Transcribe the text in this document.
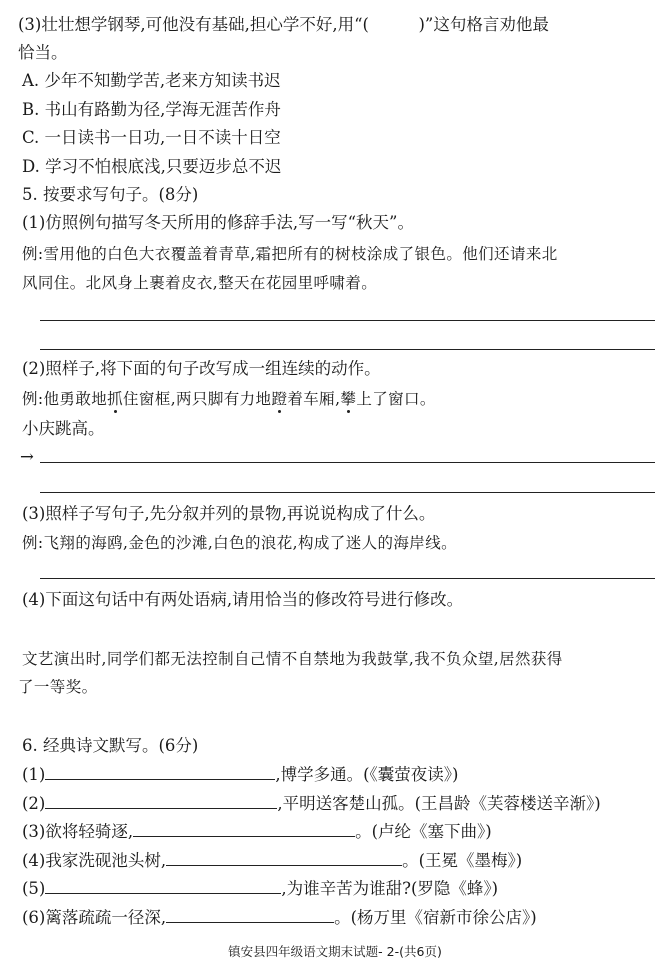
(3)壮壮想学钢琴,可他没有基础,担心学不好,用“(　　　)”这句格言劝他最
恰当。
A. 少年不知勤学苦,老来方知读书迟
B. 书山有路勤为径,学海无涯苦作舟
C. 一日读书一日功,一日不读十日空
D. 学习不怕根底浅,只要迈步总不迟
5. 按要求写句子。(8分)
(1)仿照例句描写冬天所用的修辞手法,写一写“秋天”。
例:雪用他的白色大衣覆盖着青草,霜把所有的树枝涂成了银色。他们还请来北
风同住。北风身上裹着皮衣,整天在花园里呼啸着。
(2)照样子,将下面的句子改写成一组连续的动作。
例:他勇敢地抓住窗框,两只脚有力地蹬着车厢,攀上了窗口。
小庆跳高。
→
(3)照样子写句子,先分叙并列的景物,再说说构成了什么。
例:飞翔的海鸥,金色的沙滩,白色的浪花,构成了迷人的海岸线。
(4)下面这句话中有两处语病,请用恰当的修改符号进行修改。
文艺演出时,同学们都无法控制自己情不自禁地为我鼓掌,我不负众望,居然获得
了一等奖。
6. 经典诗文默写。(6分)
(1)	,博学多通。(《囊萤夜读》)
(2)	,平明送客楚山孤。(王昌龄《芙蓉楼送辛渐》)
(3)欲将轻骑逐,	。(卢纶《塞下曲》)
(4)我家洗砚池头树,	。(王冕《墨梅》)
(5)	,为谁辛苦为谁甜?(罗隐《蜂》)
(6)篱落疏疏一径深,	。(杨万里《宿新市徐公店》)
镇安县四年级语文期末试题- 2-(共6页)
